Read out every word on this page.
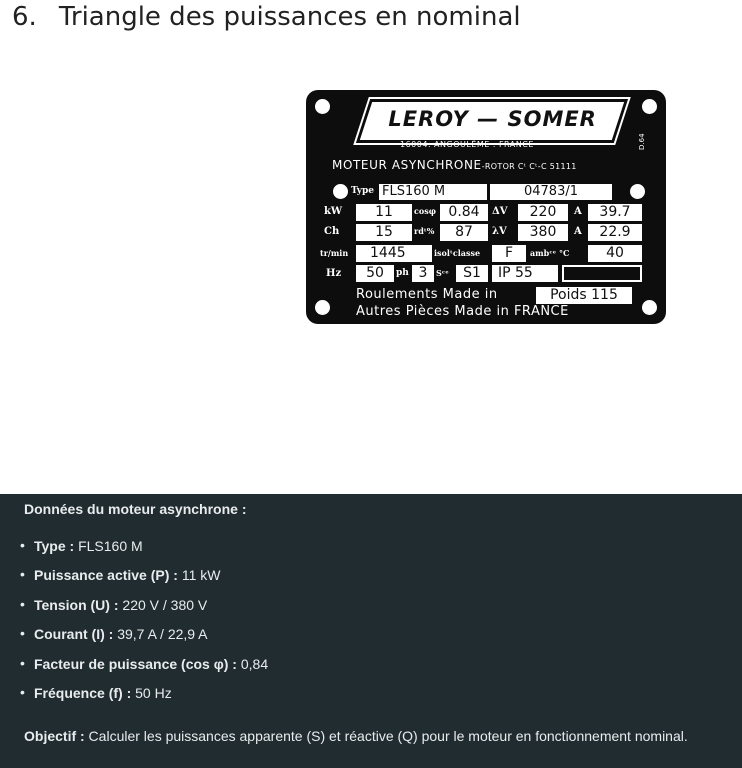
6. Triangle des puissances en nominal
LEROY — SOMER
16004. ANGOULÊME . FRANCE	D.64
MOTEUR ASYNCHRONE-ROTOR Cᵗ Cᵗ-C 51111
Type FLS160 M	04783/1
kW	11	cosφ 0.84	ΔV	220	A	39.7
Ch	15	rdᵗ%	87	λV	380	A	22.9
tr/min	1445	isolᵗclasse	F	ambᶜᵉ °C	40
Hz	50	ph 3	Sᶜᵉ	S1	IP 55
Roulements Made in	Poids 115
Autres Pièces Made in FRANCE
Données du moteur asynchrone :
• Type : FLS160 M
• Puissance active (P) : 11 kW
• Tension (U) : 220 V / 380 V
• Courant (I) : 39,7 A / 22,9 A
• Facteur de puissance (cos φ) : 0,84
• Fréquence (f) : 50 Hz
Objectif : Calculer les puissances apparente (S) et réactive (Q) pour le moteur en fonctionnement nominal.
